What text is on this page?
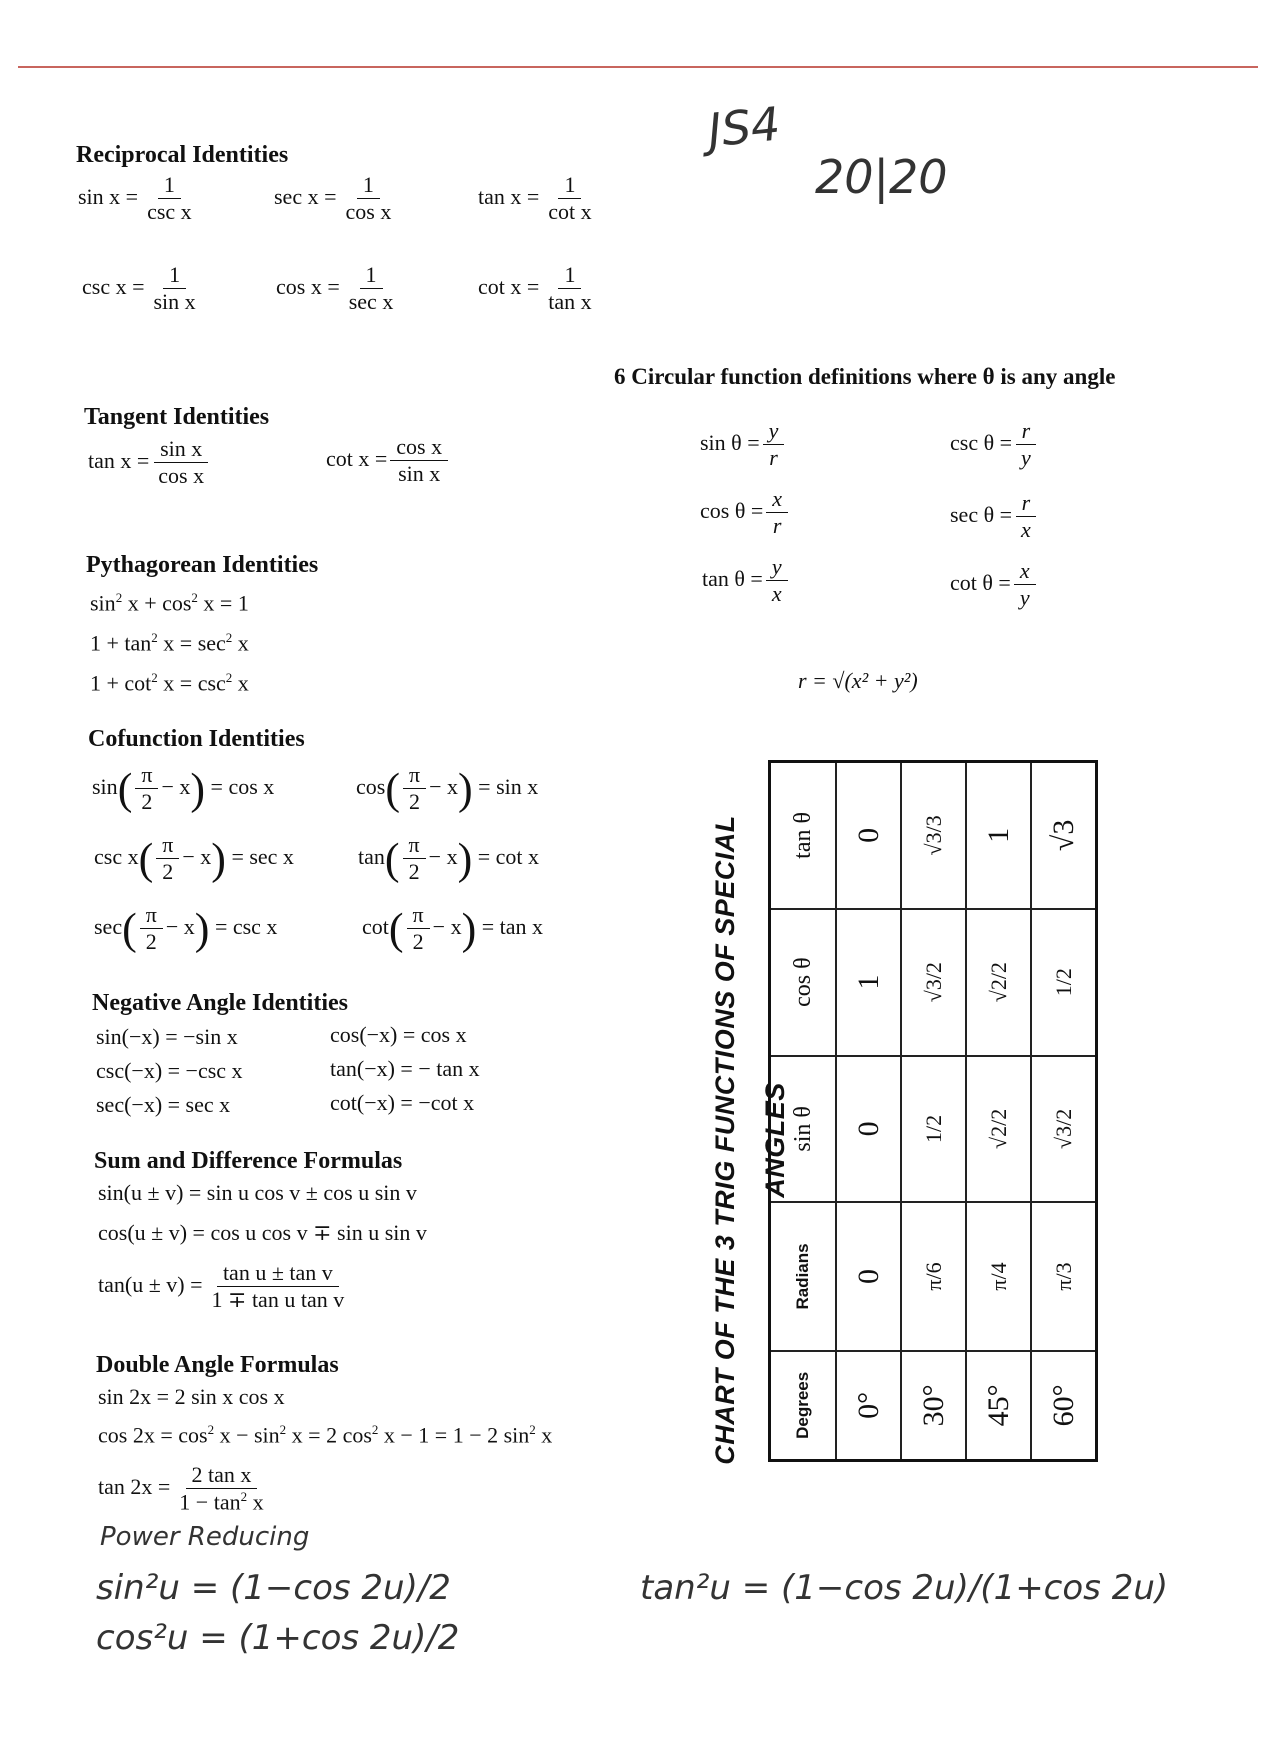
JS4
20|20
Reciprocal Identities
$\sin x = \frac{1}{\text{csc x}}$	$\sec x = \frac{1}{\text{cos x}}$	$\tan x = \frac{1}{\text{cot x}}$
$\csc x = \frac{1}{\text{sin x}}$	$\cos x = \frac{1}{\text{sec x}}$	$\cot x = \frac{1}{\text{tan x}}$
Tangent Identities
$\tan x = \frac{\text{sin x}}{\text{cos x}}$	$\cot x = \frac{\text{cos x}}{\text{sin x}}$
Pythagorean Identities
$\sin^2 x + \cos^2 x = 1$
$1 + \tan^2 x = \sec^2 x$
$1 + \cot^2 x = \csc^2 x$
Cofunction Identities
$\sin( \frac{\pi}{2} - x) = \cos x$	$\cos( \frac{\pi}{2} - x) = \sin x$
$\csc x( \frac{\pi}{2} - x) = \sec x$	$\tan( \frac{\pi}{2} - x) = \cot x$
$\sec( \frac{\pi}{2} - x) = \csc x$	$\cot( \frac{\pi}{2} - x) = \tan x$
Negative Angle Identities
sin(−x) = −sin x	cos(−x) = cos x
csc(−x) = −csc x	tan(−x) = − tan x
sec(−x) = sec x	cot(−x) = −cot x
Sum and Difference Formulas
sin(u ± v) = sin u cos v ± cos u sin v
cos(u ± v) = cos u cos v ∓ sin u sin v
$\tan(u \pm v) = \frac{\text{tan u ± tan v}}{\text{1 ∓ tan u tan v}}$
Double Angle Formulas
sin 2x = 2 sin x cos x
$\cos 2x = \cos^2 x - \sin^2 x = 2$ $\cos^2 x - 1 = 1 - 2$ $\sin^2 x$
$\tan 2x = \frac{\text{2 tan x}}{1 - \tan^2 x}$
Power Reducing
sin²u = (1−cos 2u)/2
cos²u = (1+cos 2u)/2
tan²u = (1−cos 2u)/(1+cos 2u)
6 Circular function definitions where θ is any angle
$\sin \theta = \frac{y}{r}$	$\csc \theta = \frac{r}{y}$
$\cos \theta = \frac{x}{r}$	$\sec \theta = \frac{r}{x}$
$\tan \theta = \frac{y}{x}$	$\cot \theta = \frac{x}{y}$
r = √(x² + y²)
CHART OF THE 3 TRIG FUNCTIONS OF SPECIAL ANGLES
Degrees	Radians	sin θ	cos θ	tan θ
0°	0	0	1	0
30°	π/6	1/2	√3/2	√3/3
45°	π/4	√2/2	√2/2	1
60°	π/3	√3/2	1/2	√3
